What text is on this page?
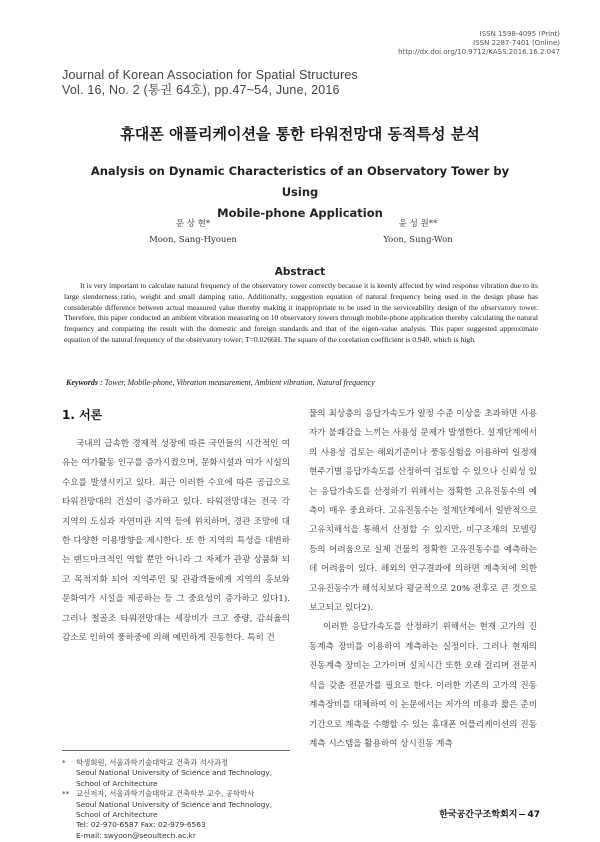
ISSN 1598-4095 (Print)
ISSN 2287-7401 (Online)
http://dx.doi.org/10.9712/KASS.2016.16.2.047
Journal of Korean Association for Spatial Structures
Vol. 16, No. 2 (통권 64호), pp.47~54, June, 2016
휴대폰 애플리케이션을 통한 타워전망대 동적특성 분석
Analysis on Dynamic Characteristics of an Observatory Tower by Using
Mobile-phone Application
문 상 현*
Moon, Sang-Hyouen
윤 성 원**
Yoon, Sung-Won
Abstract
It is very important to calculate natural frequency of the observatory tower correctly because it is keenly affected by wind response vibration due to its large slenderness ratio, weight and small damping ratio. Additionally, suggestion equation of natural frequency being used in the design phase has considerable difference between actual measured value thereby making it inappropriate to be used in the serviceability design of the observatory tower. Therefore, this paper conducted an ambient vibration measuring on 10 observatory towers through mobile-phone application thereby calculating the natural frequency and comparing the result with the domestic and foreign standards and that of the eigen-value analysis. This paper suggested approximate equation of the natural frequency of the observatory tower; T=0.0266H. The square of the corelation coefficient is 0.940, which is high.
Keywords : Tower, Mobile-phone, Vibration measurement, Ambient vibration, Natural frequency
1. 서론

국내의 급속한 경제적 성장에 따른 국민들의 시간적인 여유는 여가활동 인구를 증가시켰으며, 문화시설과 여가 시설의 수요를 발생시키고 있다. 최근 이러한 수요에 따른 공급으로 타워전망대의 건설이 증가하고 있다. 타워전망대는 전국 각 지역의 도심과 자연미관 지역 등에 위치하며, 경관 조망에 대한 다양한 이용방향을 제시한다. 또 한 지역의 특성을 대변하는 랜드마크적인 역할 뿐만 아니라 그 자체가 관광 상품화 되고 목적지화 되어 지역주민 및 관광객들에게 지역의 홍보와 문화여가 시설을 제공하는 등 그 중요성이 증가하고 있다1). 그러나 철골조 타워전망대는 세장비가 크고 중량, 감쇠율의 감소로 인하여 풍하중에 의해 예민하게 진동한다. 특히 건

물의 최상층의 응답가속도가 일정 수준 이상을 초과하면 사용자가 불쾌감을 느끼는 사용성 문제가 발생한다. 설계단계에서의 사용성 검토는 해외기준이나 풍동실험을 이용하여 일정재현주기별 응답가속도를 산정하여 검토할 수 있으나 신뢰성 있는 응답가속도를 산정하기 위해서는 정확한 고유진동수의 예측이 매우 중요하다. 고유진동수는 설계단계에서 일반적으로 고유치해석을 통해서 산정할 수 있지만, 비구조재의 모델링 등의 어려움으로 실제 건물의 정확한 고유진동수를 예측하는데 어려움이 있다. 해외의 연구결과에 의하면 계측치에 의한 고유진동수가 해석치보다 평균적으로 20% 전후로 큰 것으로 보고되고 있다2).

이러한 응답가속도를 산정하기 위해서는 현재 고가의 진동계측 장비를 이용하여 계측하는 실정이다. 그러나 현재의 진동계측 장비는 고가이며 설치시간 또한 오래 걸리며 전문지식을 갖춘 전문가를 필요로 한다. 이러한 기존의 고가의 진동계측장비를 대체하여 이 논문에서는 저가의 비용과 짧은 준비 기간으로 계측을 수행할 수 있는 휴대폰 어플리케이션의 진동계측 시스템을 활용하여 상시진동 계측

* 학생회원, 서울과학기술대학교 건축과 석사과정
Seoul National University of Science and Technology,
School of Architecture
** 교신저자, 서울과학기술대학교 건축학부 교수, 공학박사
Seoul National University of Science and Technology,
School of Architecture
Tel: 02-970-6587 Fax: 02-979-6563
E-mail: swyoon@seoultech.ac.kr
한국공간구조학회지 47
